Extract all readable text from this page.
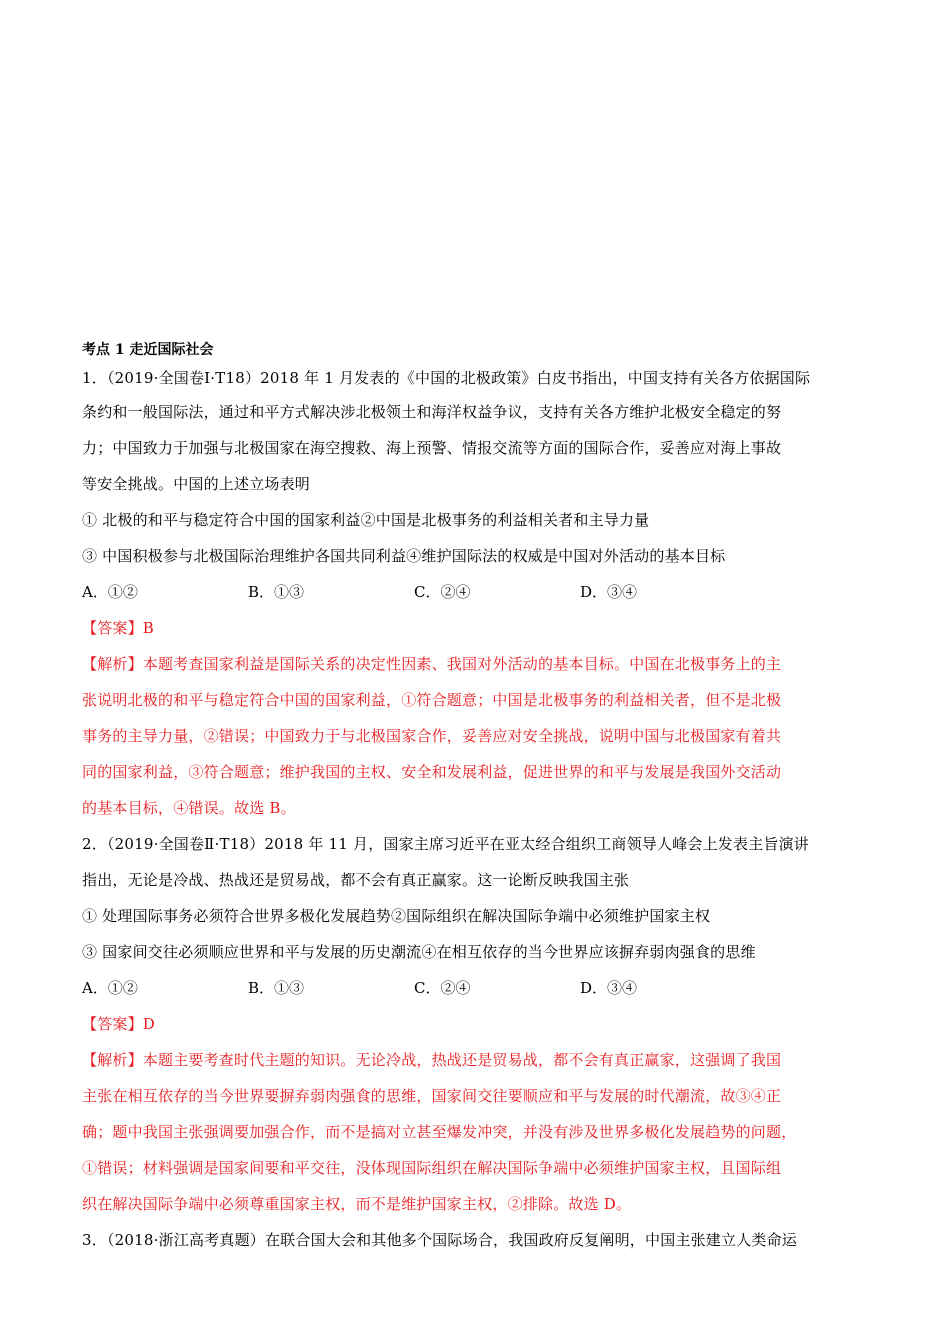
考点 1 走近国际社会
1．（2019·全国卷Ⅰ·T18）2018 年 1 月发表的《中国的北极政策》白皮书指出，中国支持有关各方依据国际
条约和一般国际法，通过和平方式解决涉北极领土和海洋权益争议，支持有关各方维护北极安全稳定的努
力；中国致力于加强与北极国家在海空搜救、海上预警、情报交流等方面的国际合作，妥善应对海上事故
等安全挑战。中国的上述立场表明
① 北极的和平与稳定符合中国的国家利益②中国是北极事务的利益相关者和主导力量
③ 中国积极参与北极国际治理维护各国共同利益④维护国际法的权威是中国对外活动的基本目标
A．①②	B．①③	C．②④	D．③④
【答案】B
【解析】本题考查国家利益是国际关系的决定性因素、我国对外活动的基本目标。中国在北极事务上的主
张说明北极的和平与稳定符合中国的国家利益，①符合题意；中国是北极事务的利益相关者，但不是北极
事务的主导力量，②错误；中国致力于与北极国家合作，妥善应对安全挑战，说明中国与北极国家有着共
同的国家利益，③符合题意；维护我国的主权、安全和发展利益，促进世界的和平与发展是我国外交活动
的基本目标，④错误。故选 B。
2．（2019·全国卷Ⅱ·T18）2018 年 11 月，国家主席习近平在亚太经合组织工商领导人峰会上发表主旨演讲
指出，无论是冷战、热战还是贸易战，都不会有真正赢家。这一论断反映我国主张
① 处理国际事务必须符合世界多极化发展趋势②国际组织在解决国际争端中必须维护国家主权
③ 国家间交往必须顺应世界和平与发展的历史潮流④在相互依存的当今世界应该摒弃弱肉强食的思维
A．①②	B．①③	C．②④	D．③④
【答案】D
【解析】本题主要考查时代主题的知识。无论冷战，热战还是贸易战，都不会有真正赢家，这强调了我国
主张在相互依存的当今世界要摒弃弱肉强食的思维，国家间交往要顺应和平与发展的时代潮流，故③④正
确；题中我国主张强调要加强合作，而不是搞对立甚至爆发冲突，并没有涉及世界多极化发展趋势的问题，
①错误；材料强调是国家间要和平交往，没体现国际组织在解决国际争端中必须维护国家主权，且国际组
织在解决国际争端中必须尊重国家主权，而不是维护国家主权，②排除。故选 D。
3．（2018·浙江高考真题）在联合国大会和其他多个国际场合，我国政府反复阐明，中国主张建立人类命运
